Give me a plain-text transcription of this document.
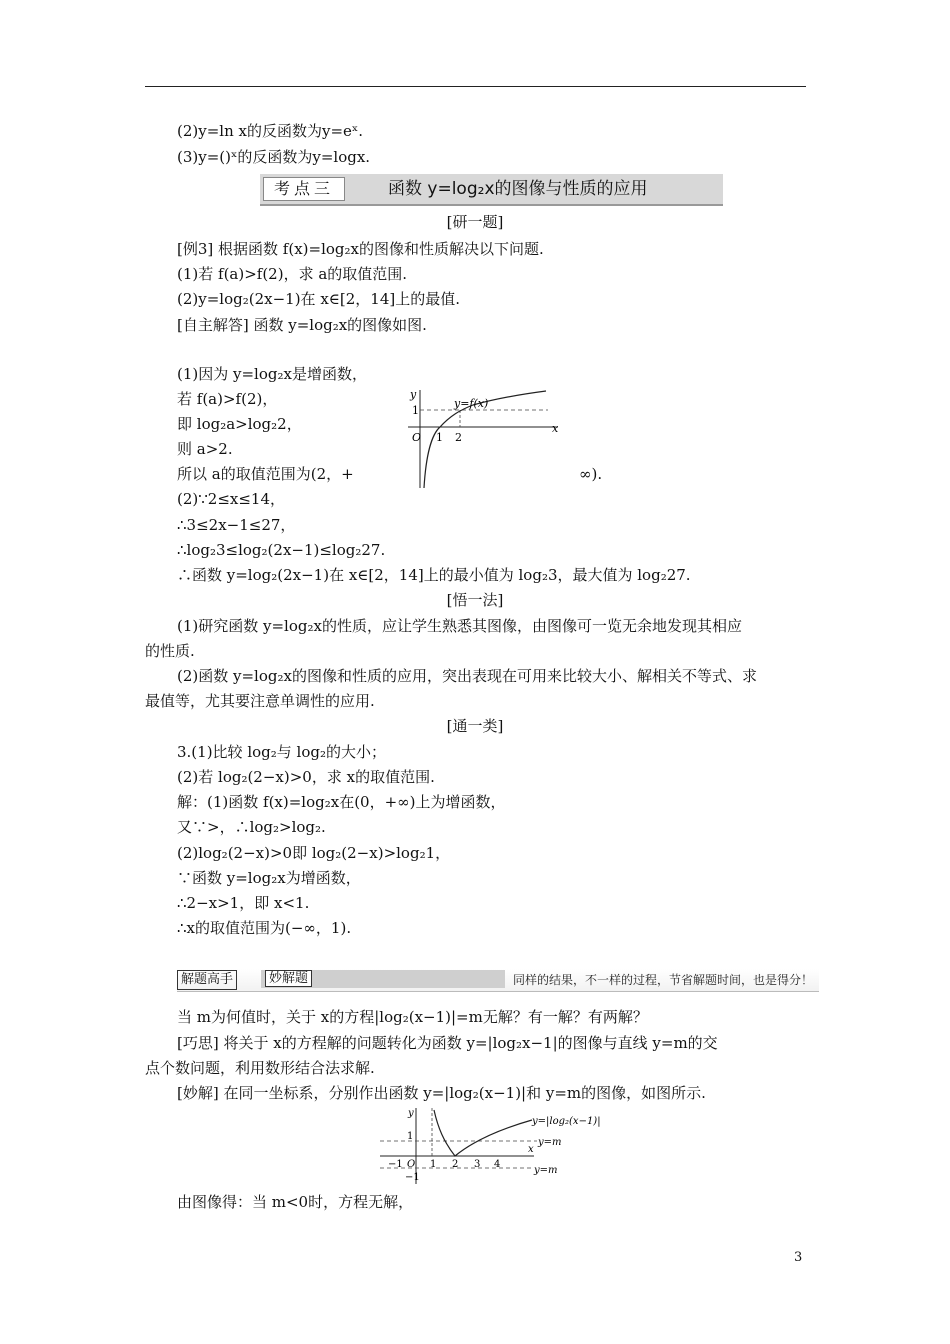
(2)y=ln x的反函数为y=eˣ.
(3)y=()ˣ的反函数为y=logx.
考点三	函数 y=log₂x的图像与性质的应用
[研一题]
[例3] 根据函数 f(x)=log₂x的图像和性质解决以下问题.
(1)若 f(a)>f(2)，求 a的取值范围.
(2)y=log₂(2x−1)在 x∈[2，14]上的最值.
[自主解答] 函数 y=log₂x的图像如图.
(1)因为 y=log₂x是增函数，
若 f(a)>f(2)，
即 log₂a>log₂2，
则 a>2.
所以 a的取值范围为(2，+	∞).
y
x
O
1
1 2
y=f(x)
(2)∵2≤x≤14，
∴3≤2x−1≤27，
∴log₂3≤log₂(2x−1)≤log₂27.
∴函数 y=log₂(2x−1)在 x∈[2，14]上的最小值为 log₂3，最大值为 log₂27.
[悟一法]
(1)研究函数 y=log₂x的性质，应让学生熟悉其图像，由图像可一览无余地发现其相应
的性质.
(2)函数 y=log₂x的图像和性质的应用，突出表现在可用来比较大小、解相关不等式、求
最值等，尤其要注意单调性的应用.
[通一类]
3.(1)比较 log₂与 log₂的大小；
(2)若 log₂(2−x)>0，求 x的取值范围.
解：(1)函数 f(x)=log₂x在(0，+∞)上为增函数，
又∵>，∴log₂>log₂.
(2)log₂(2−x)>0即 log₂(2−x)>log₂1，
∵函数 y=log₂x为增函数，
∴2−x>1，即 x<1.
∴x的取值范围为(−∞，1).
解题高手	妙解题	同样的结果，不一样的过程，节省解题时间，也是得分！
当 m为何值时，关于 x的方程|log₂(x−1)|=m无解？有一解？有两解？
[巧思] 将关于 x的方程解的问题转化为函数 y=|log₂x−1|的图像与直线 y=m的交
点个数问题，利用数形结合法求解.
[妙解] 在同一坐标系，分别作出函数 y=|log₂(x−1)|和 y=m的图像，如图所示.
y
x
O
1
−1
−1	1 2 3 4
y=|log₂(x−1)|
y=m
y=m
由图像得：当 m<0时，方程无解，
3
